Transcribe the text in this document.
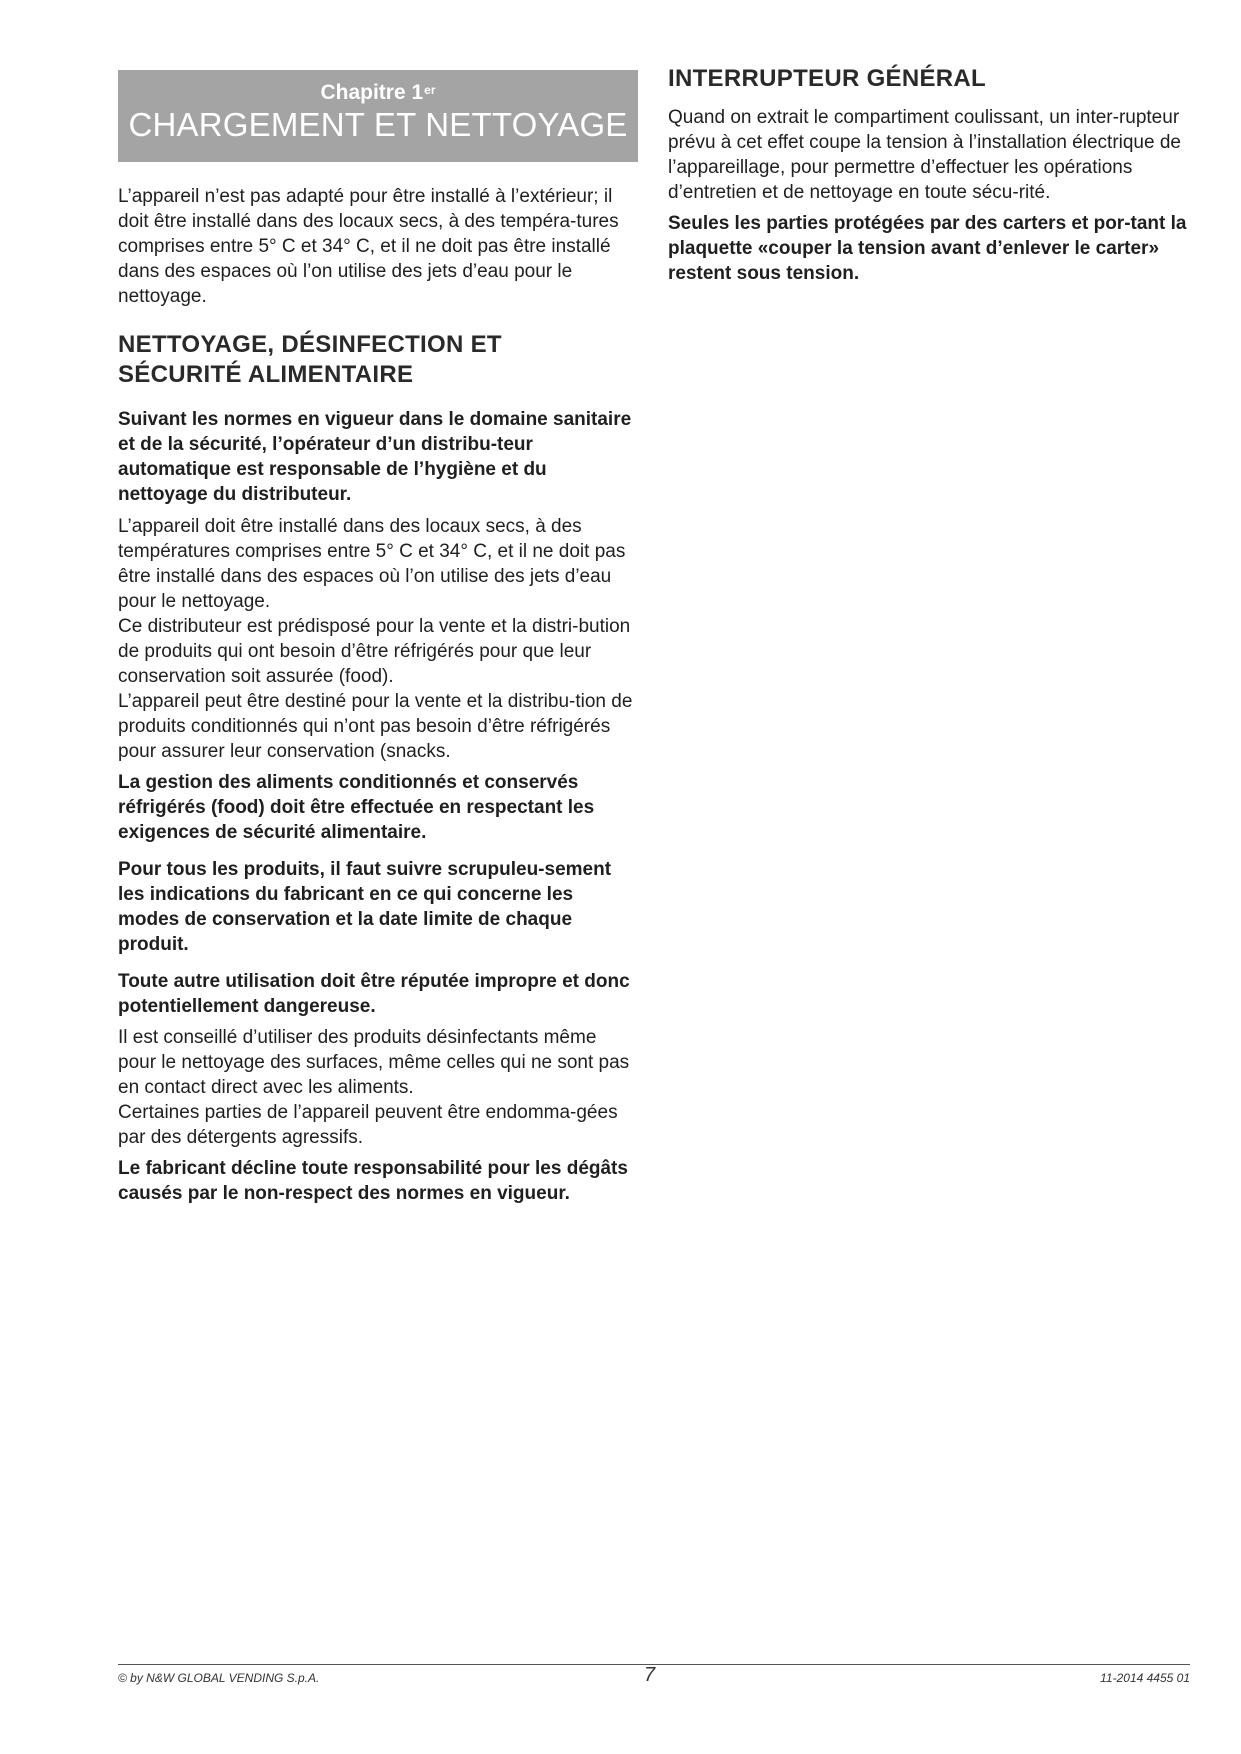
Chapitre 1er
CHARGEMENT ET NETTOYAGE

L’appareil n’est pas adapté pour être installé à l’extérieur; il doit être installé dans des locaux secs, à des tempéra-tures comprises entre 5° C et 34° C, et il ne doit pas être installé dans des espaces où l’on utilise des jets d’eau pour le nettoyage.

NETTOYAGE, DÉSINFECTION ET SÉCURITÉ ALIMENTAIRE

Suivant les normes en vigueur dans le domaine sanitaire et de la sécurité, l’opérateur d’un distribu-teur automatique est responsable de l’hygiène et du nettoyage du distributeur.

L’appareil doit être installé dans des locaux secs, à des températures comprises entre 5° C et 34° C, et il ne doit pas être installé dans des espaces où l’on utilise des jets d’eau pour le nettoyage.

Ce distributeur est prédisposé pour la vente et la distri-bution de produits qui ont besoin d’être réfrigérés pour que leur conservation soit assurée (food).

L’appareil peut être destiné pour la vente et la distribu-tion de produits conditionnés qui n’ont pas besoin d’être réfrigérés pour assurer leur conservation (snacks.

La gestion des aliments conditionnés et conservés réfrigérés (food) doit être effectuée en respectant les exigences de sécurité alimentaire.

Pour tous les produits, il faut suivre scrupuleu-sement les indications du fabricant en ce qui concerne les modes de conservation et la date limite de chaque produit.

Toute autre utilisation doit être réputée impropre et donc potentiellement dangereuse.

Il est conseillé d’utiliser des produits désinfectants même pour le nettoyage des surfaces, même celles qui ne sont pas en contact direct avec les aliments.

Certaines parties de l’appareil peuvent être endomma-gées par des détergents agressifs.

Le fabricant décline toute responsabilité pour les dégâts causés par le non-respect des normes en vigueur.

INTERRUPTEUR GÉNÉRAL

Quand on extrait le compartiment coulissant, un inter-rupteur prévu à cet effet coupe la tension à l’installation électrique de l’appareillage, pour permettre d’effectuer les opérations d’entretien et de nettoyage en toute sécu-rité.

Seules les parties protégées par des carters et por-tant la plaquette «couper la tension avant d’enlever le carter» restent sous tension.

© by N&W GLOBAL VENDING S.p.A.	7	11-2014 4455 01
